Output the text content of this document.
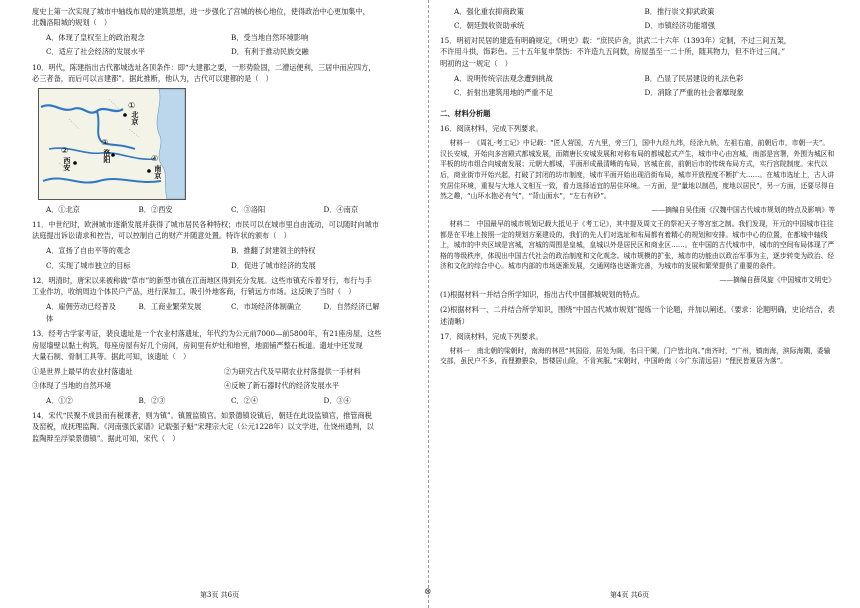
度史上第一次实现了城市中轴线布局的建筑思想，进一步强化了宫城的核心地位，使得政治中心更加集中，
北魏洛阳城的规划（　）

A．体现了皇权至上的政治观念	B．受当地自然环境影响
C．适应了社会经济的发展水平	D．有利于推动民族交融

10．明代，陈建指出古代都城选址各顶条件：即“大建都之要，一形势险固，二漕运便利，三居中而应四方，
必三者备，而后可以言建都”。据此推断，他认为，古代可以建都的是（　）

①
北京
②
西安
③
洛阳	④
南京
A．①北京	B．②西安	C．③洛阳	D．④南京

11．中世纪时，欧洲城市逐渐发展并获得了城市居民各种特权；市民可以在城市里自由流动，可以随时向城市
法庭提出诉讼请求和控告，可以控制自己的财产并随意处置。特许状的颁布（　）

A．宣扬了自由平等的观念	B．推翻了封建领主的特权
C．实现了城市独立的目标	D．促进了城市经济的发展

12．明清时，唐宋以来被称做“草市”的新型市镇在江南地区得到充分发展。这些市镇充斥着牙行，布行与手
工业作坊，收纳周边个体民户产品，进行深加工，吸引外地客商，行销远方市场。这反映了当时（　）

A．雇佣劳动已经普及	B．工商业繁荣发展	C．市场经济体制确立	D．自然经济已解

体

13．经考古学家考证，裴良遗址是一个农业村落遗址，年代约为公元前7000—前5800年，有21座房屋，这些
房屋墙壁以黏土构筑，每座房屋有好几个房间，房间里有炉灶和地窖，地面铺严整石板道。遗址中还发现
大量石制、骨制工具等。据此可知，该遗址（　）

①是世界上最早的农业村落遗址	②为研究古代及早期农业村落提供一手材料
③体现了当地的自然环境	④反映了新石器时代的经济发展水平
A．①②	B．②③	C．②④	D．③④

14．宋代“民聚不成县而有税课者，则为镇”。镇置监镇官。如景德镇设镇后，朝廷在此设监镇官，推管商税
及窑税，成抚理监陶。《河南强氏家谱》记载强子魁“宋理宗大定（公元1228年）以文学进，仕饶州通判，以
监陶辩至浮梁景德镇”。据此可知，宋代（　）

A．强化重农抑商政策	B．推行崇文抑武政策
C．朝廷鼓收资助承统	D．市镇经济功能增强

15．明初对民居的建造有明确规定，《明史》载：“庶民庐舍，洪武二十六年（1393年）定制，不过三间五架，
不许用斗拱，饰彩色。三十五年复申禁饬：不许造九五间数，房屋虽至一二十所，随其物力，但不许过三间。”
明初的这一规定（　）

A．说明传统宗法观念遭到挑战	B．凸显了民居建设的礼法色彩
C．折射出建筑用地的严重不足	D．消除了严重的社会奢靡现象
二、材料分析题

16．阅读材料，完成下列要求。

材料一　《周礼·考工记》中记载：“匠人营国，方九里，旁三门，国中九经九纬，经涂九轨，左祖右庙，前朝后市，市朝一夫”。汉长安城，开始向多宫殿式都城发展，而隋唐长安城发展和对称布局的都城起式产生，城市中心由宫城，南部是宫署，外围为城区和平板的坊市组合向城南发展；元朝大都城，平面形成最清晰的布局，宫城在前，前朝后市的传统布局方式，实行宫院制度。宋代以后，商业街市开始兴起，打破了封闭的坊市制度，城市平面开始出现沿街布局，城市开放程度不断扩大……。在城市选址上，古人讲究居住环境，重视与大地人文相互一致，看力选择适宜的居住环境。一方面，是“量地以制邑，度地以居民”，另一方面，还要尽得自然之趣，“山环水抱必有气”，“背山面水”，“左右有砂”。

——摘编自吴佳雨《汉魏中国古代城市规划的特点及影响》等

材料二　中国最早的城市规划记载大抵见于《考工记》，其中提及周文王的祭祀天子等宫室之制。我们发现，开元的中国城市往往都是在平地上按照一定的规划方案建设的，我们的先人们对选址和布局都有着精心的规划和安排。城市中心的位置，在都城中轴线上，城市的中央区域是宫城，宫城的周围是皇城，皇城以外是居民区和商业区……。在中国的古代城市中，城市的空间布局体现了严格的等级秩序，体现出中国古代社会的政治制度和文化观念。城市规模的扩张，城市的功能由以政治军事为主，逐步转变为政治、经济和文化的综合中心。城市内部的市场逐渐发展，交通网络也逐渐完善，为城市的发展和繁荣提供了重要的条件。

——摘编自薛凤旋《中国城市文明史》

(1)根据材料一并结合所学知识，指出古代中国都城规划的特点。

(2)根据材料一、二并结合所学知识，围绕“中国古代城市规划”提炼一个论题，并加以阐述。（要求：论题明确，史论结合，表述清晰）

17．阅读材料，完成下列要求。

材料一　南北朝的梁朝时，南海的林邑“其国俗，居处为阁，名曰干阑，门户皆北向。”南齐时，“广州，镇南海，滨际海隅，委输交部，虽民户不多，而俚獠猥杂，皆楼居山险，不肯宾服。”宋朝时，中国岭南（今广东清远县）“俚民皆夏居为落”。

第3页 共6页	⊗	第4页 共6页
